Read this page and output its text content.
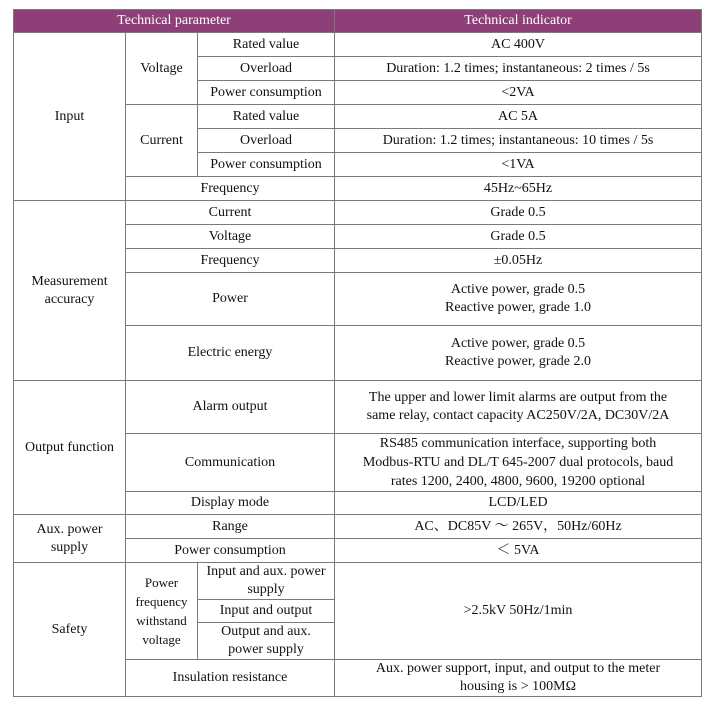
Technical parameter			Technical indicator
Input	Voltage	Rated value	AC 400V
		Overload	Duration: 1.2 times; instantaneous: 2 times / 5s
		Power consumption	<2VA
	Current	Rated value	AC 5A
		Overload	Duration: 1.2 times; instantaneous: 10 times / 5s
		Power consumption	<1VA
	Frequency		45Hz~65Hz
Measurement
accuracy	Current		Grade 0.5
	Voltage		Grade 0.5
	Frequency		±0.05Hz
	Power		Active power, grade 0.5
Reactive power, grade 1.0
	Electric energy		Active power, grade 0.5
Reactive power, grade 2.0
Output function	Alarm output		The upper and lower limit alarms are output from the
same relay, contact capacity AC250V/2A, DC30V/2A
	Communication		RS485 communication interface, supporting both
Modbus-RTU and DL/T 645-2007 dual protocols, baud
rates 1200, 2400, 4800, 9600, 19200 optional
	Display mode		LCD/LED
Aux. power
supply	Range		AC、DC85V ～ 265V，50Hz/60Hz
	Power consumption		＜ 5VA
Safety	Power
frequency
withstand
voltage	Input and aux. power
supply	>2.5kV 50Hz/1min
		Input and output	
		Output and aux.
power supply	
	Insulation resistance		Aux. power support, input, and output to the meter
housing is > 100MΩ
